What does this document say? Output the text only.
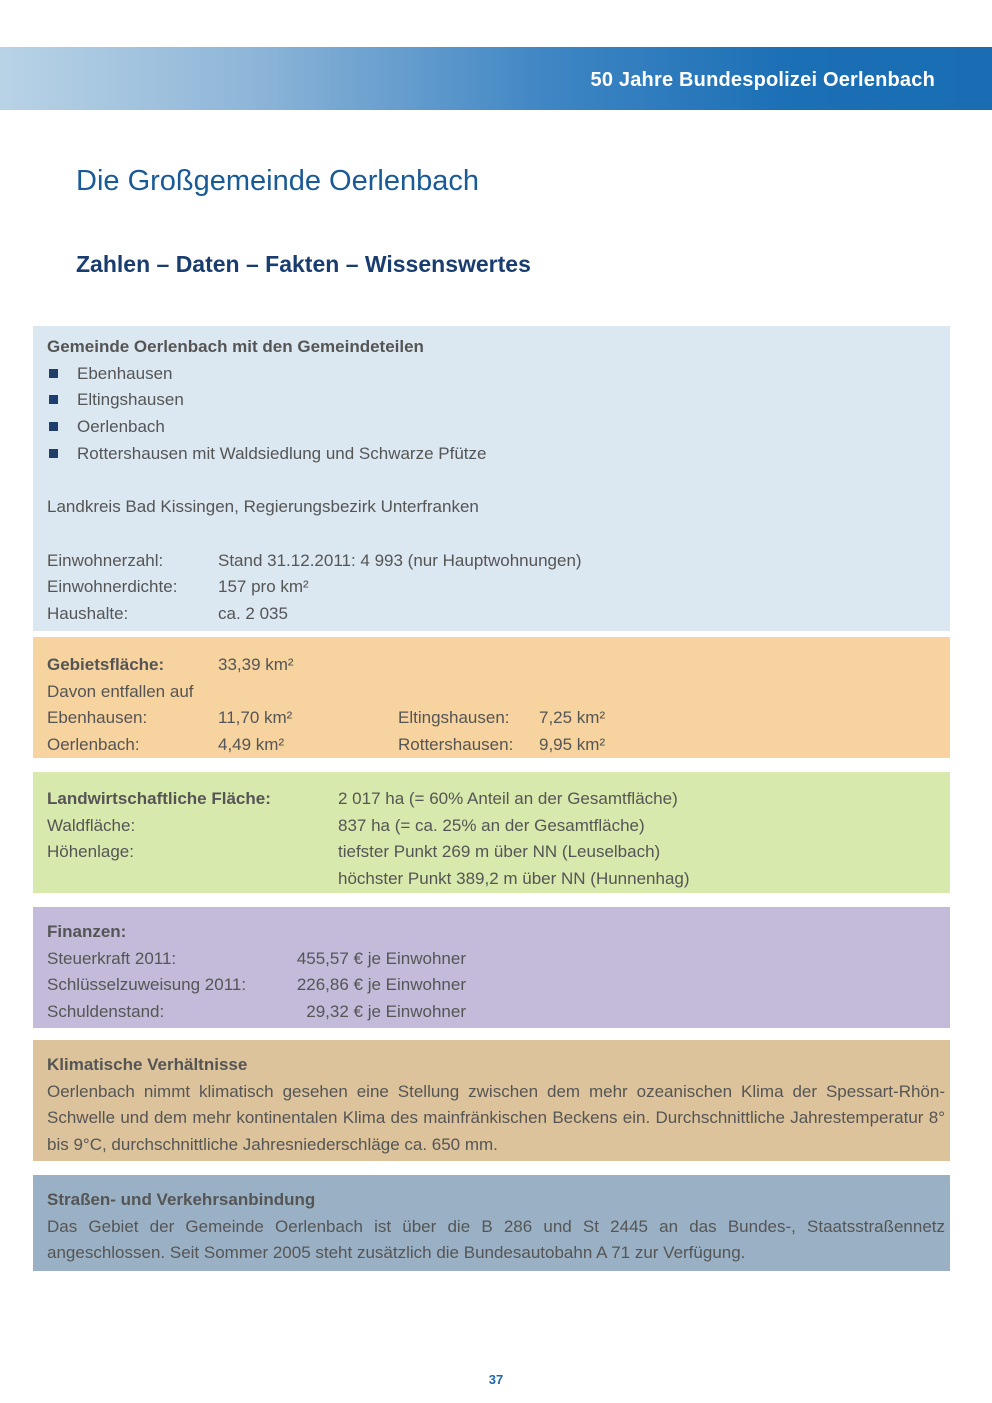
50 Jahre Bundespolizei Oerlenbach
Die Großgemeinde Oerlenbach
Zahlen – Daten – Fakten – Wissenswertes
Gemeinde Oerlenbach mit den Gemeindeteilen
Ebenhausen
Eltingshausen
Oerlenbach
Rottershausen mit Waldsiedlung und Schwarze Pfütze
Landkreis Bad Kissingen, Regierungsbezirk Unterfranken
Einwohnerzahl:	Stand 31.12.2011: 4 993 (nur Hauptwohnungen)
Einwohnerdichte:	157 pro km²
Haushalte:	ca. 2 035
Gebietsfläche:	33,39 km²
Davon entfallen auf
Ebenhausen:	11,70 km²	Eltingshausen:	7,25 km²
Oerlenbach:	4,49 km²	Rottershausen:	9,95 km²
Landwirtschaftliche Fläche:	2 017 ha (= 60% Anteil an der Gesamtfläche)
Waldfläche:	837 ha (= ca. 25% an der Gesamtfläche)
Höhenlage:	tiefster Punkt 269 m über NN (Leuselbach)
höchster Punkt 389,2 m über NN (Hunnenhag)
Finanzen:
Steuerkraft 2011:	455,57 € je Einwohner
Schlüsselzuweisung 2011:	226,86 € je Einwohner
Schuldenstand:	29,32 € je Einwohner
Klimatische Verhältnisse
Oerlenbach nimmt klimatisch gesehen eine Stellung zwischen dem mehr ozeanischen Klima der Spessart-Rhön-Schwelle und dem mehr kontinentalen Klima des mainfränkischen Beckens ein. Durchschnittliche Jahrestemperatur 8° bis 9°C, durchschnittliche Jahresniederschläge ca. 650 mm.
Straßen- und Verkehrsanbindung
Das Gebiet der Gemeinde Oerlenbach ist über die B 286 und St 2445 an das Bundes-, Staatsstraßennetz angeschlossen. Seit Sommer 2005 steht zusätzlich die Bundesautobahn A 71 zur Verfügung.
37
